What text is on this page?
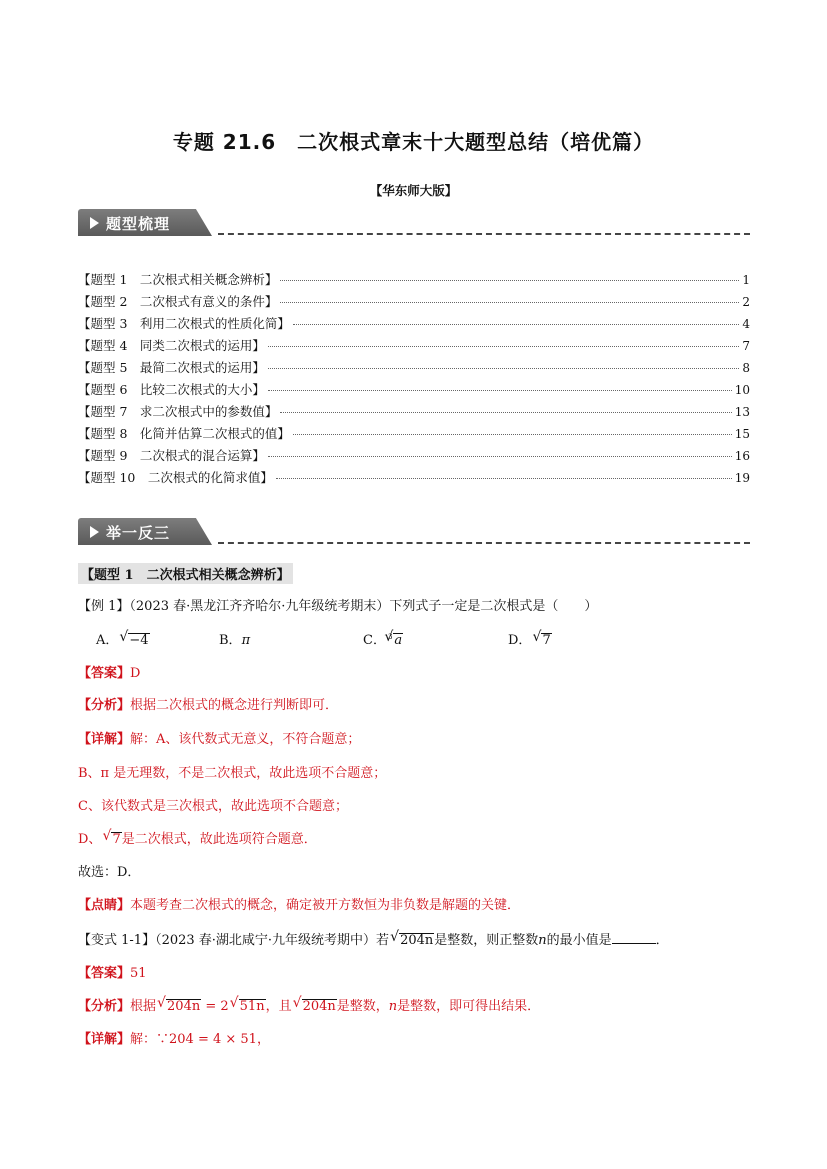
专题 21.6　二次根式章末十大题型总结（培优篇）
【华东师大版】
题型梳理
【题型 1　二次根式相关概念辨析】	1
【题型 2　二次根式有意义的条件】	2
【题型 3　利用二次根式的性质化简】	4
【题型 4　同类二次根式的运用】	7
【题型 5　最简二次根式的运用】	8
【题型 6　比较二次根式的大小】	10
【题型 7　求二次根式中的参数值】	13
【题型 8　化简并估算二次根式的值】	15
【题型 9　二次根式的混合运算】	16
【题型 10　二次根式的化简求值】	19
举一反三
【题型 1　二次根式相关概念辨析】
【例 1】（2023 春·黑龙江齐齐哈尔·九年级统考期末）下列式子一定是二次根式是（　　）
A． √ −4	B．π	C． $^3$ √ a	D． √ 7
【答案】D
【分析】根据二次根式的概念进行判断即可．
【详解】解：A、该代数式无意义，不符合题意；
B、π 是无理数，不是二次根式，故此选项不合题意；
C、该代数式是三次根式，故此选项不合题意；
D、 √ 7是二次根式，故此选项符合题意．
故选：D．
【点睛】本题考查二次根式的概念，确定被开方数恒为非负数是解题的关键．
【变式 1-1】（2023 春·湖北咸宁·九年级统考期中）若 √ 204n是整数，则正整数n的最小值是	．
【答案】51
【分析】根据 √ 204n = 2 √ 51n，且 √ 204n是整数，n是整数，即可得出结果．
【详解】解：∵204 = 4 × 51，
